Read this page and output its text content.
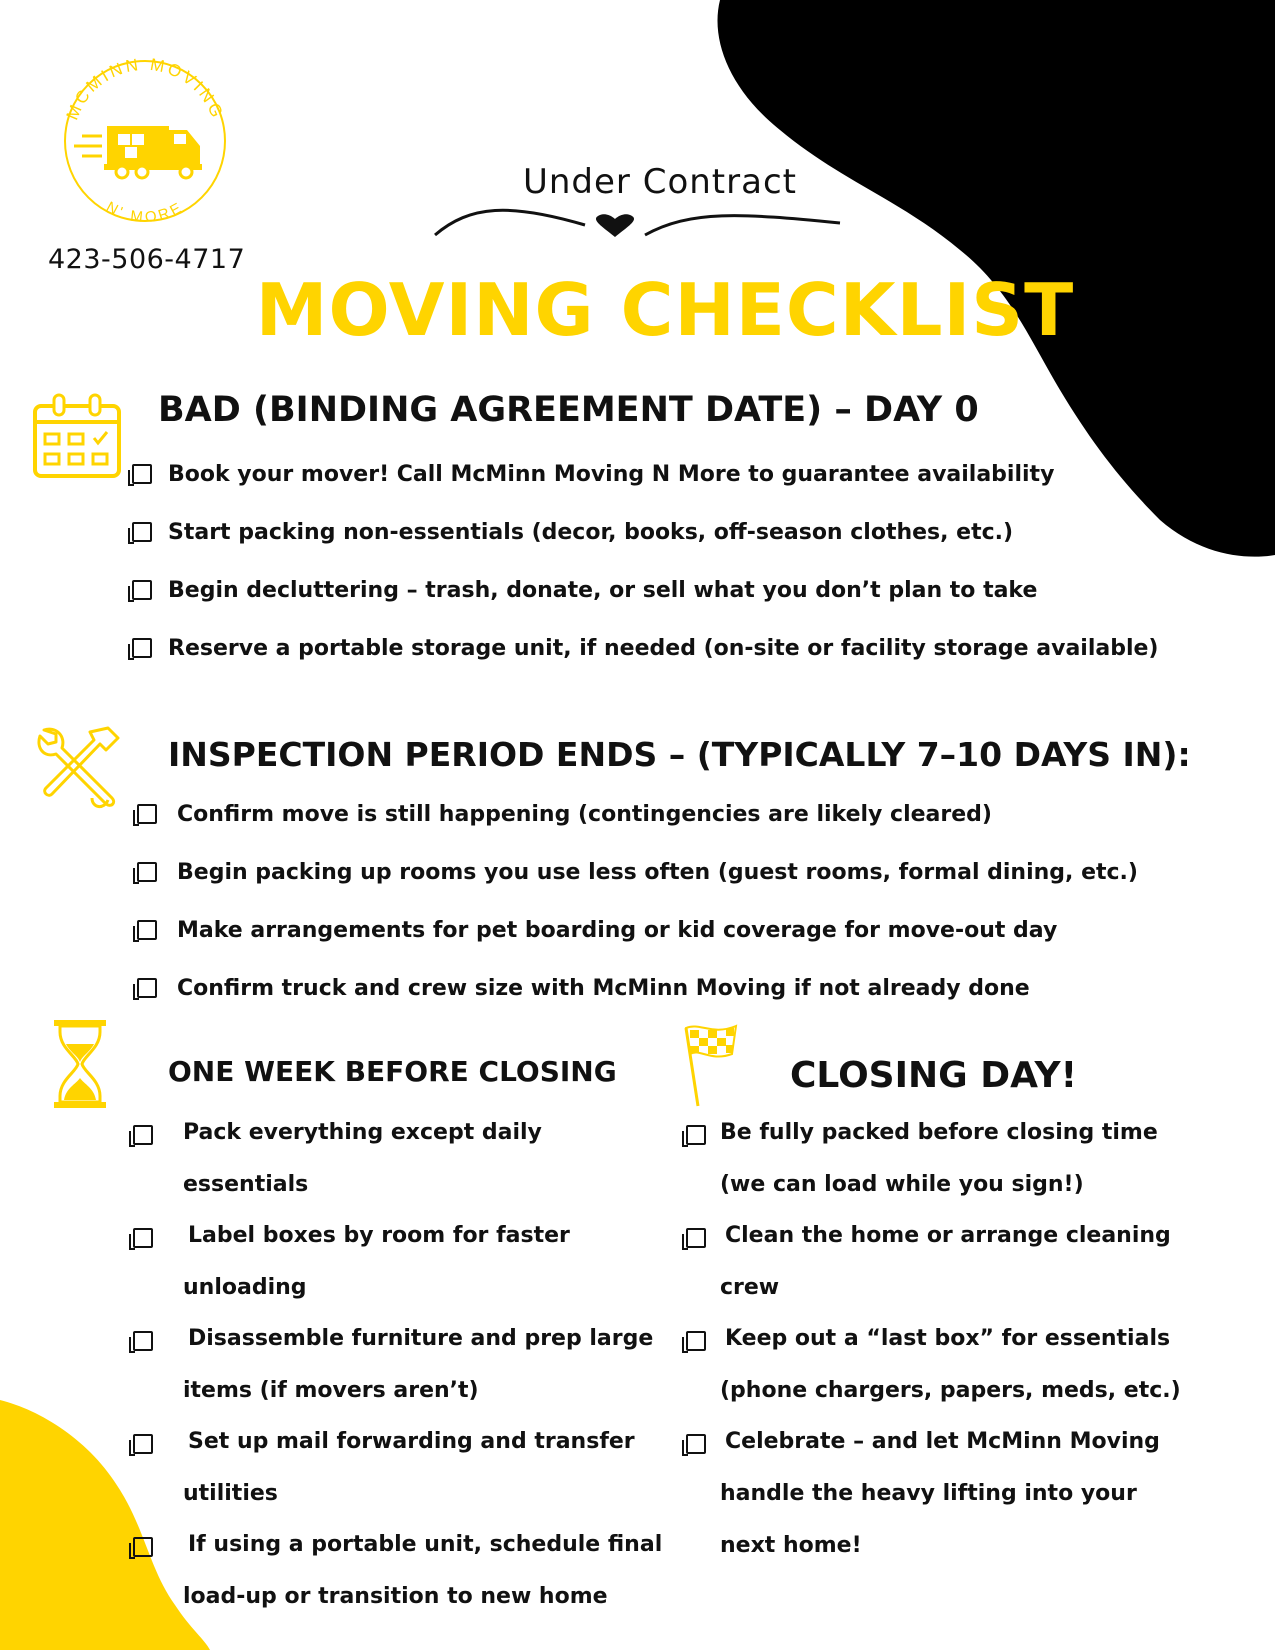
MCMINN MOVING
N' MORE
423-506-4717
Under Contract
MOVING CHECKLIST
BAD (BINDING AGREEMENT DATE) – DAY 0
Book your mover! Call McMinn Moving N More to guarantee availability
Start packing non-essentials (decor, books, off-season clothes, etc.)
Begin decluttering – trash, donate, or sell what you don’t plan to take
Reserve a portable storage unit, if needed (on-site or facility storage available)
INSPECTION PERIOD ENDS – (TYPICALLY 7–10 DAYS IN):
Confirm move is still happening (contingencies are likely cleared)
Begin packing up rooms you use less often (guest rooms, formal dining, etc.)
Make arrangements for pet boarding or kid coverage for move-out day
Confirm truck and crew size with McMinn Moving if not already done
ONE WEEK BEFORE CLOSING
Pack everything except daily
essentials
Label boxes by room for faster
unloading
Disassemble furniture and prep large
items (if movers aren’t)
Set up mail forwarding and transfer
utilities
If using a portable unit, schedule final
load-up or transition to new home
CLOSING DAY!
Be fully packed before closing time
(we can load while you sign!)
Clean the home or arrange cleaning
crew
Keep out a “last box” for essentials
(phone chargers, papers, meds, etc.)
Celebrate – and let McMinn Moving
handle the heavy lifting into your
next home!
